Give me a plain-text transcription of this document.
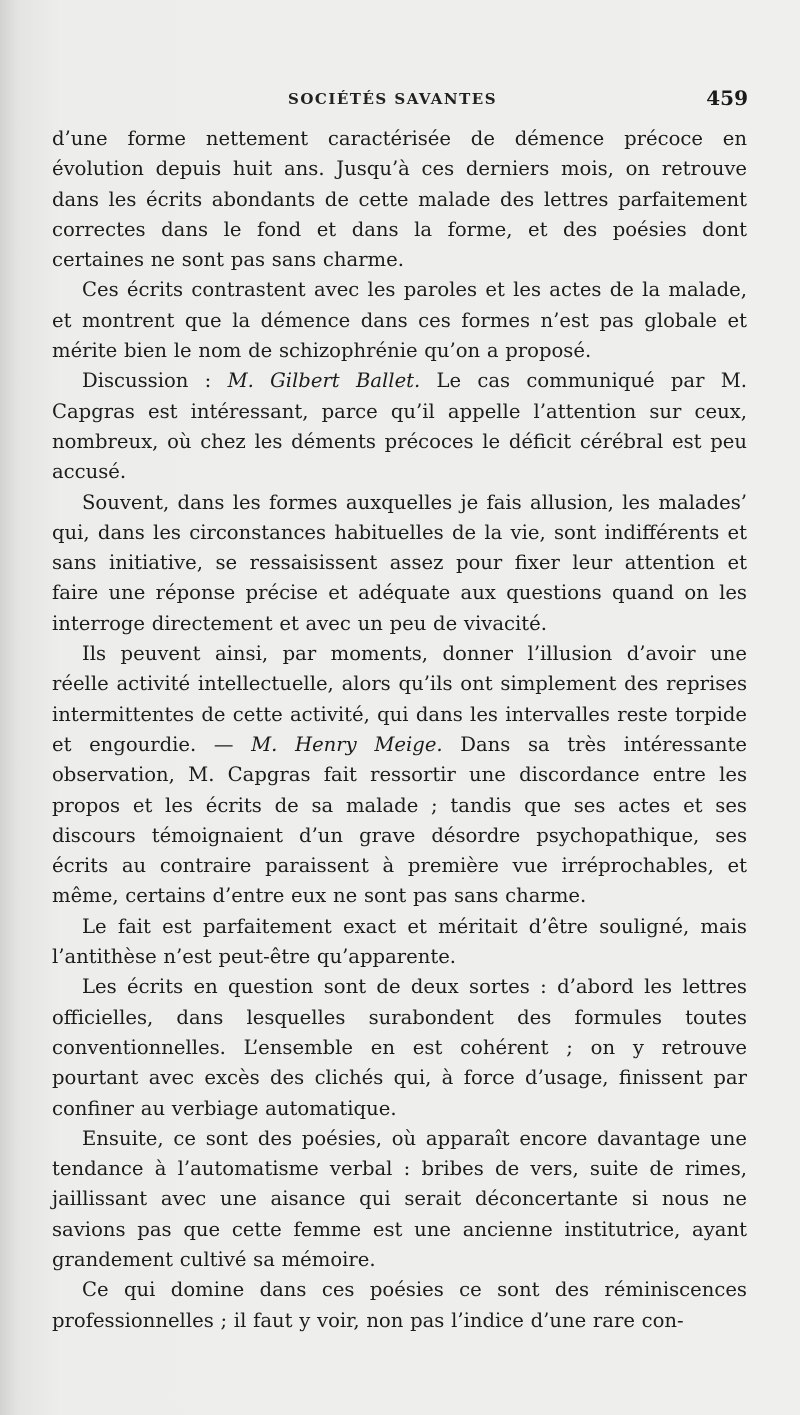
SOCIÉTÉS SAVANTES	459

d’une forme nettement caractérisée de démence précoce en évolution depuis huit ans. Jusqu’à ces derniers mois, on retrouve dans les écrits abondants de cette malade des lettres parfaitement correctes dans le fond et dans la forme, et des poésies dont certaines ne sont pas sans charme.

Ces écrits contrastent avec les paroles et les actes de la malade, et montrent que la démence dans ces formes n’est pas globale et mérite bien le nom de schizophrénie qu’on a proposé.

Discussion : M. Gilbert Ballet. Le cas communiqué par M. Capgras est intéressant, parce qu’il appelle l’attention sur ceux, nombreux, où chez les déments précoces le déficit cérébral est peu accusé.

Souvent, dans les formes auxquelles je fais allusion, les malades’ qui, dans les circonstances habituelles de la vie, sont indifférents et sans initiative, se ressaisissent assez pour fixer leur attention et faire une réponse précise et adéquate aux questions quand on les interroge directement et avec un peu de vivacité.

Ils peuvent ainsi, par moments, donner l’illusion d’avoir une réelle activité intellectuelle, alors qu’ils ont simplement des reprises intermittentes de cette activité, qui dans les intervalles reste torpide et engourdie. — M. Henry Meige. Dans sa très intéressante observation, M. Capgras fait ressortir une discordance entre les propos et les écrits de sa malade ; tandis que ses actes et ses discours témoignaient d’un grave désordre psychopathique, ses écrits au contraire paraissent à première vue irréprochables, et même, certains d’entre eux ne sont pas sans charme.

Le fait est parfaitement exact et méritait d’être souligné, mais l’antithèse n’est peut-être qu’apparente.

Les écrits en question sont de deux sortes : d’abord les lettres officielles, dans lesquelles surabondent des formules toutes conventionnelles. L’ensemble en est cohérent ; on y retrouve pourtant avec excès des clichés qui, à force d’usage, finissent par confiner au verbiage automatique.

Ensuite, ce sont des poésies, où apparaît encore davantage une tendance à l’automatisme verbal : bribes de vers, suite de rimes, jaillissant avec une aisance qui serait déconcertante si nous ne savions pas que cette femme est une ancienne institutrice, ayant grandement cultivé sa mémoire.

Ce qui domine dans ces poésies ce sont des réminiscences professionnelles ; il faut y voir, non pas l’indice d’une rare con-
